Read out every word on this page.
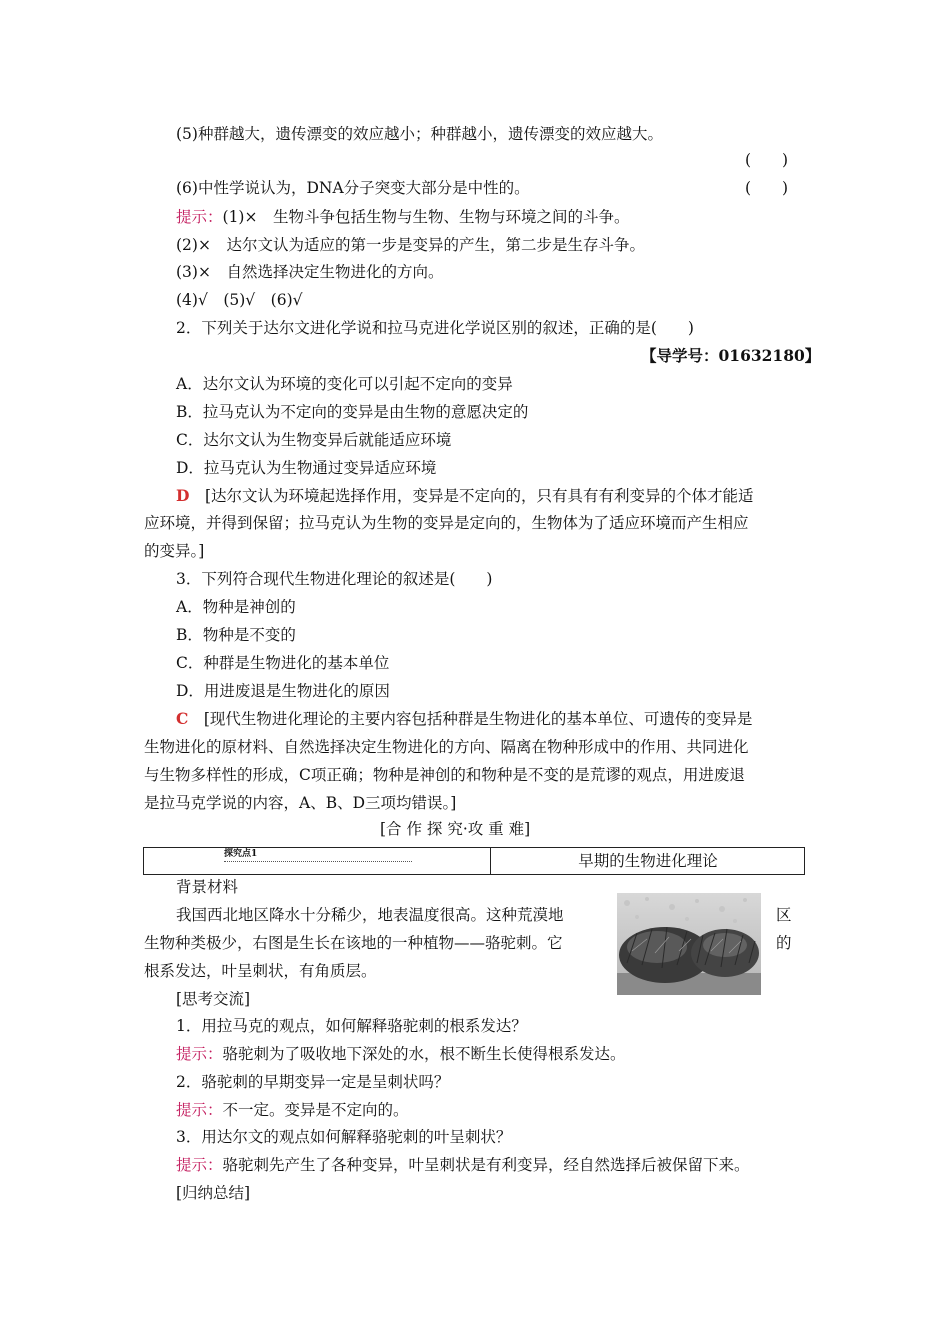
(5)种群越大，遗传漂变的效应越小；种群越小，遗传漂变的效应越大。
(　　)
(6)中性学说认为，DNA分子突变大部分是中性的。	(　　)
提示：(1)×　生物斗争包括生物与生物、生物与环境之间的斗争。
(2)×　达尔文认为适应的第一步是变异的产生，第二步是生存斗争。
(3)×　自然选择决定生物进化的方向。
(4)√　(5)√　(6)√
2．下列关于达尔文进化学说和拉马克进化学说区别的叙述，正确的是(　　)
【导学号：01632180】
A．达尔文认为环境的变化可以引起不定向的变异
B．拉马克认为不定向的变异是由生物的意愿决定的
C．达尔文认为生物变异后就能适应环境
D．拉马克认为生物通过变异适应环境
D　[达尔文认为环境起选择作用，变异是不定向的，只有具有有利变异的个体才能适
应环境，并得到保留；拉马克认为生物的变异是定向的，生物体为了适应环境而产生相应
的变异。]
3．下列符合现代生物进化理论的叙述是(　　)
A．物种是神创的
B．物种是不变的
C．种群是生物进化的基本单位
D．用进废退是生物进化的原因
C　[现代生物进化理论的主要内容包括种群是生物进化的基本单位、可遗传的变异是
生物进化的原材料、自然选择决定生物进化的方向、隔离在物种形成中的作用、共同进化
与生物多样性的形成，C项正确；物种是神创的和物种是不变的是荒谬的观点，用进废退
是拉马克学说的内容，A、B、D三项均错误。]
[合 作 探 究·攻 重 难]
探究点1	早期的生物进化理论
背景材料
我国西北地区降水十分稀少，地表温度很高。这种荒漠地	区
生物种类极少，右图是生长在该地的一种植物——骆驼刺。它	的
根系发达，叶呈刺状，有角质层。
[思考交流]
1．用拉马克的观点，如何解释骆驼刺的根系发达？
提示：骆驼刺为了吸收地下深处的水，根不断生长使得根系发达。
2．骆驼刺的早期变异一定是呈刺状吗？
提示：不一定。变异是不定向的。
3．用达尔文的观点如何解释骆驼刺的叶呈刺状？
提示：骆驼刺先产生了各种变异，叶呈刺状是有利变异，经自然选择后被保留下来。
[归纳总结]
